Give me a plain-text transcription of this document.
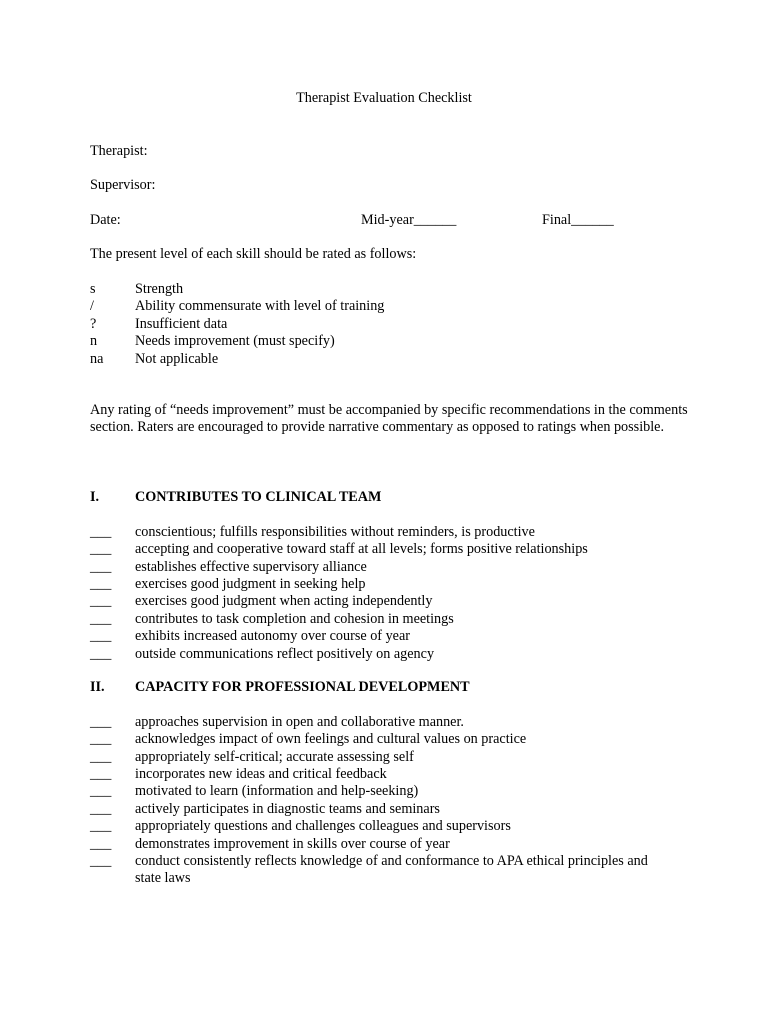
Therapist Evaluation Checklist
Therapist:
Supervisor:
Date:	Mid-year______	Final______
The present level of each skill should be rated as follows:
s	Strength
/	Ability commensurate with level of training
?	Insufficient data
n	Needs improvement (must specify)
na	Not applicable
Any rating of “needs improvement” must be accompanied by specific recommendations in the comments section. Raters are encouraged to provide narrative commentary as opposed to ratings when possible.
I.	CONTRIBUTES TO CLINICAL TEAM
___	conscientious; fulfills responsibilities without reminders, is productive
___	accepting and cooperative toward staff at all levels; forms positive relationships
___	establishes effective supervisory alliance
___	exercises good judgment in seeking help
___	exercises good judgment when acting independently
___	contributes to task completion and cohesion in meetings
___	exhibits increased autonomy over course of year
___	outside communications reflect positively on agency
II.	CAPACITY FOR PROFESSIONAL DEVELOPMENT
___	approaches supervision in open and collaborative manner.
___	acknowledges impact of own feelings and cultural values on practice
___	appropriately self-critical; accurate assessing self
___	incorporates new ideas and critical feedback
___	motivated to learn (information and help-seeking)
___	actively participates in diagnostic teams and seminars
___	appropriately questions and challenges colleagues and supervisors
___	demonstrates improvement in skills over course of year
___	conduct consistently reflects knowledge of and conformance to APA ethical principles and state laws
